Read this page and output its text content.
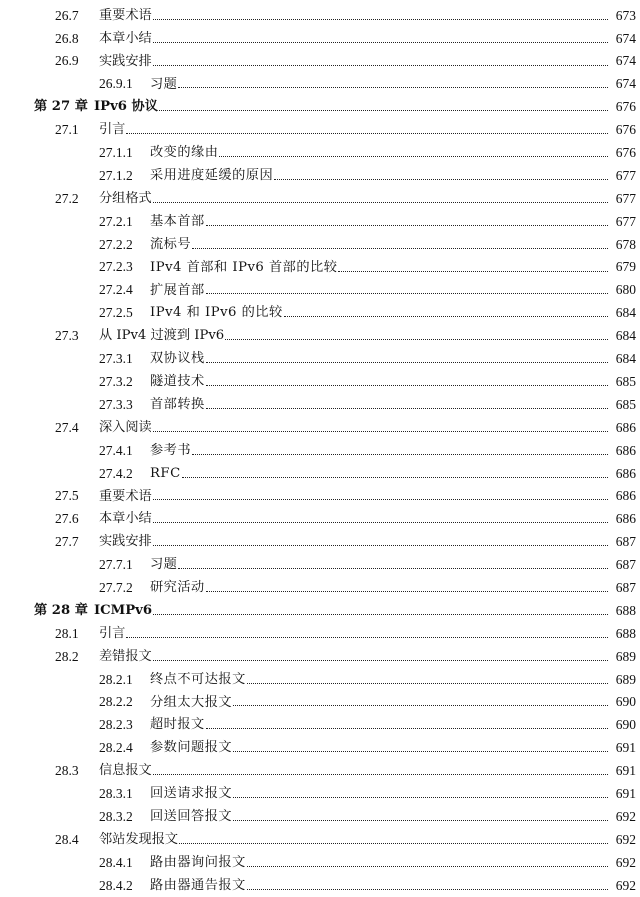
26.7 重要术语	673
26.8 本章小结	674
26.9 实践安排	674
26.9.1 习题	674
第 27 章 IPv6 协议	676
27.1 引言	676
27.1.1 改变的缘由	676
27.1.2 采用进度延缓的原因	677
27.2 分组格式	677
27.2.1 基本首部	677
27.2.2 流标号	678
27.2.3 IPv4 首部和 IPv6 首部的比较	679
27.2.4 扩展首部	680
27.2.5 IPv4 和 IPv6 的比较	684
27.3 从 IPv4 过渡到 IPv6	684
27.3.1 双协议栈	684
27.3.2 隧道技术	685
27.3.3 首部转换	685
27.4 深入阅读	686
27.4.1 参考书	686
27.4.2 RFC	686
27.5 重要术语	686
27.6 本章小结	686
27.7 实践安排	687
27.7.1 习题	687
27.7.2 研究活动	687
第 28 章 ICMPv6	688
28.1 引言	688
28.2 差错报文	689
28.2.1 终点不可达报文	689
28.2.2 分组太大报文	690
28.2.3 超时报文	690
28.2.4 参数问题报文	691
28.3 信息报文	691
28.3.1 回送请求报文	691
28.3.2 回送回答报文	692
28.4 邻站发现报文	692
28.4.1 路由器询问报文	692
28.4.2 路由器通告报文	692
